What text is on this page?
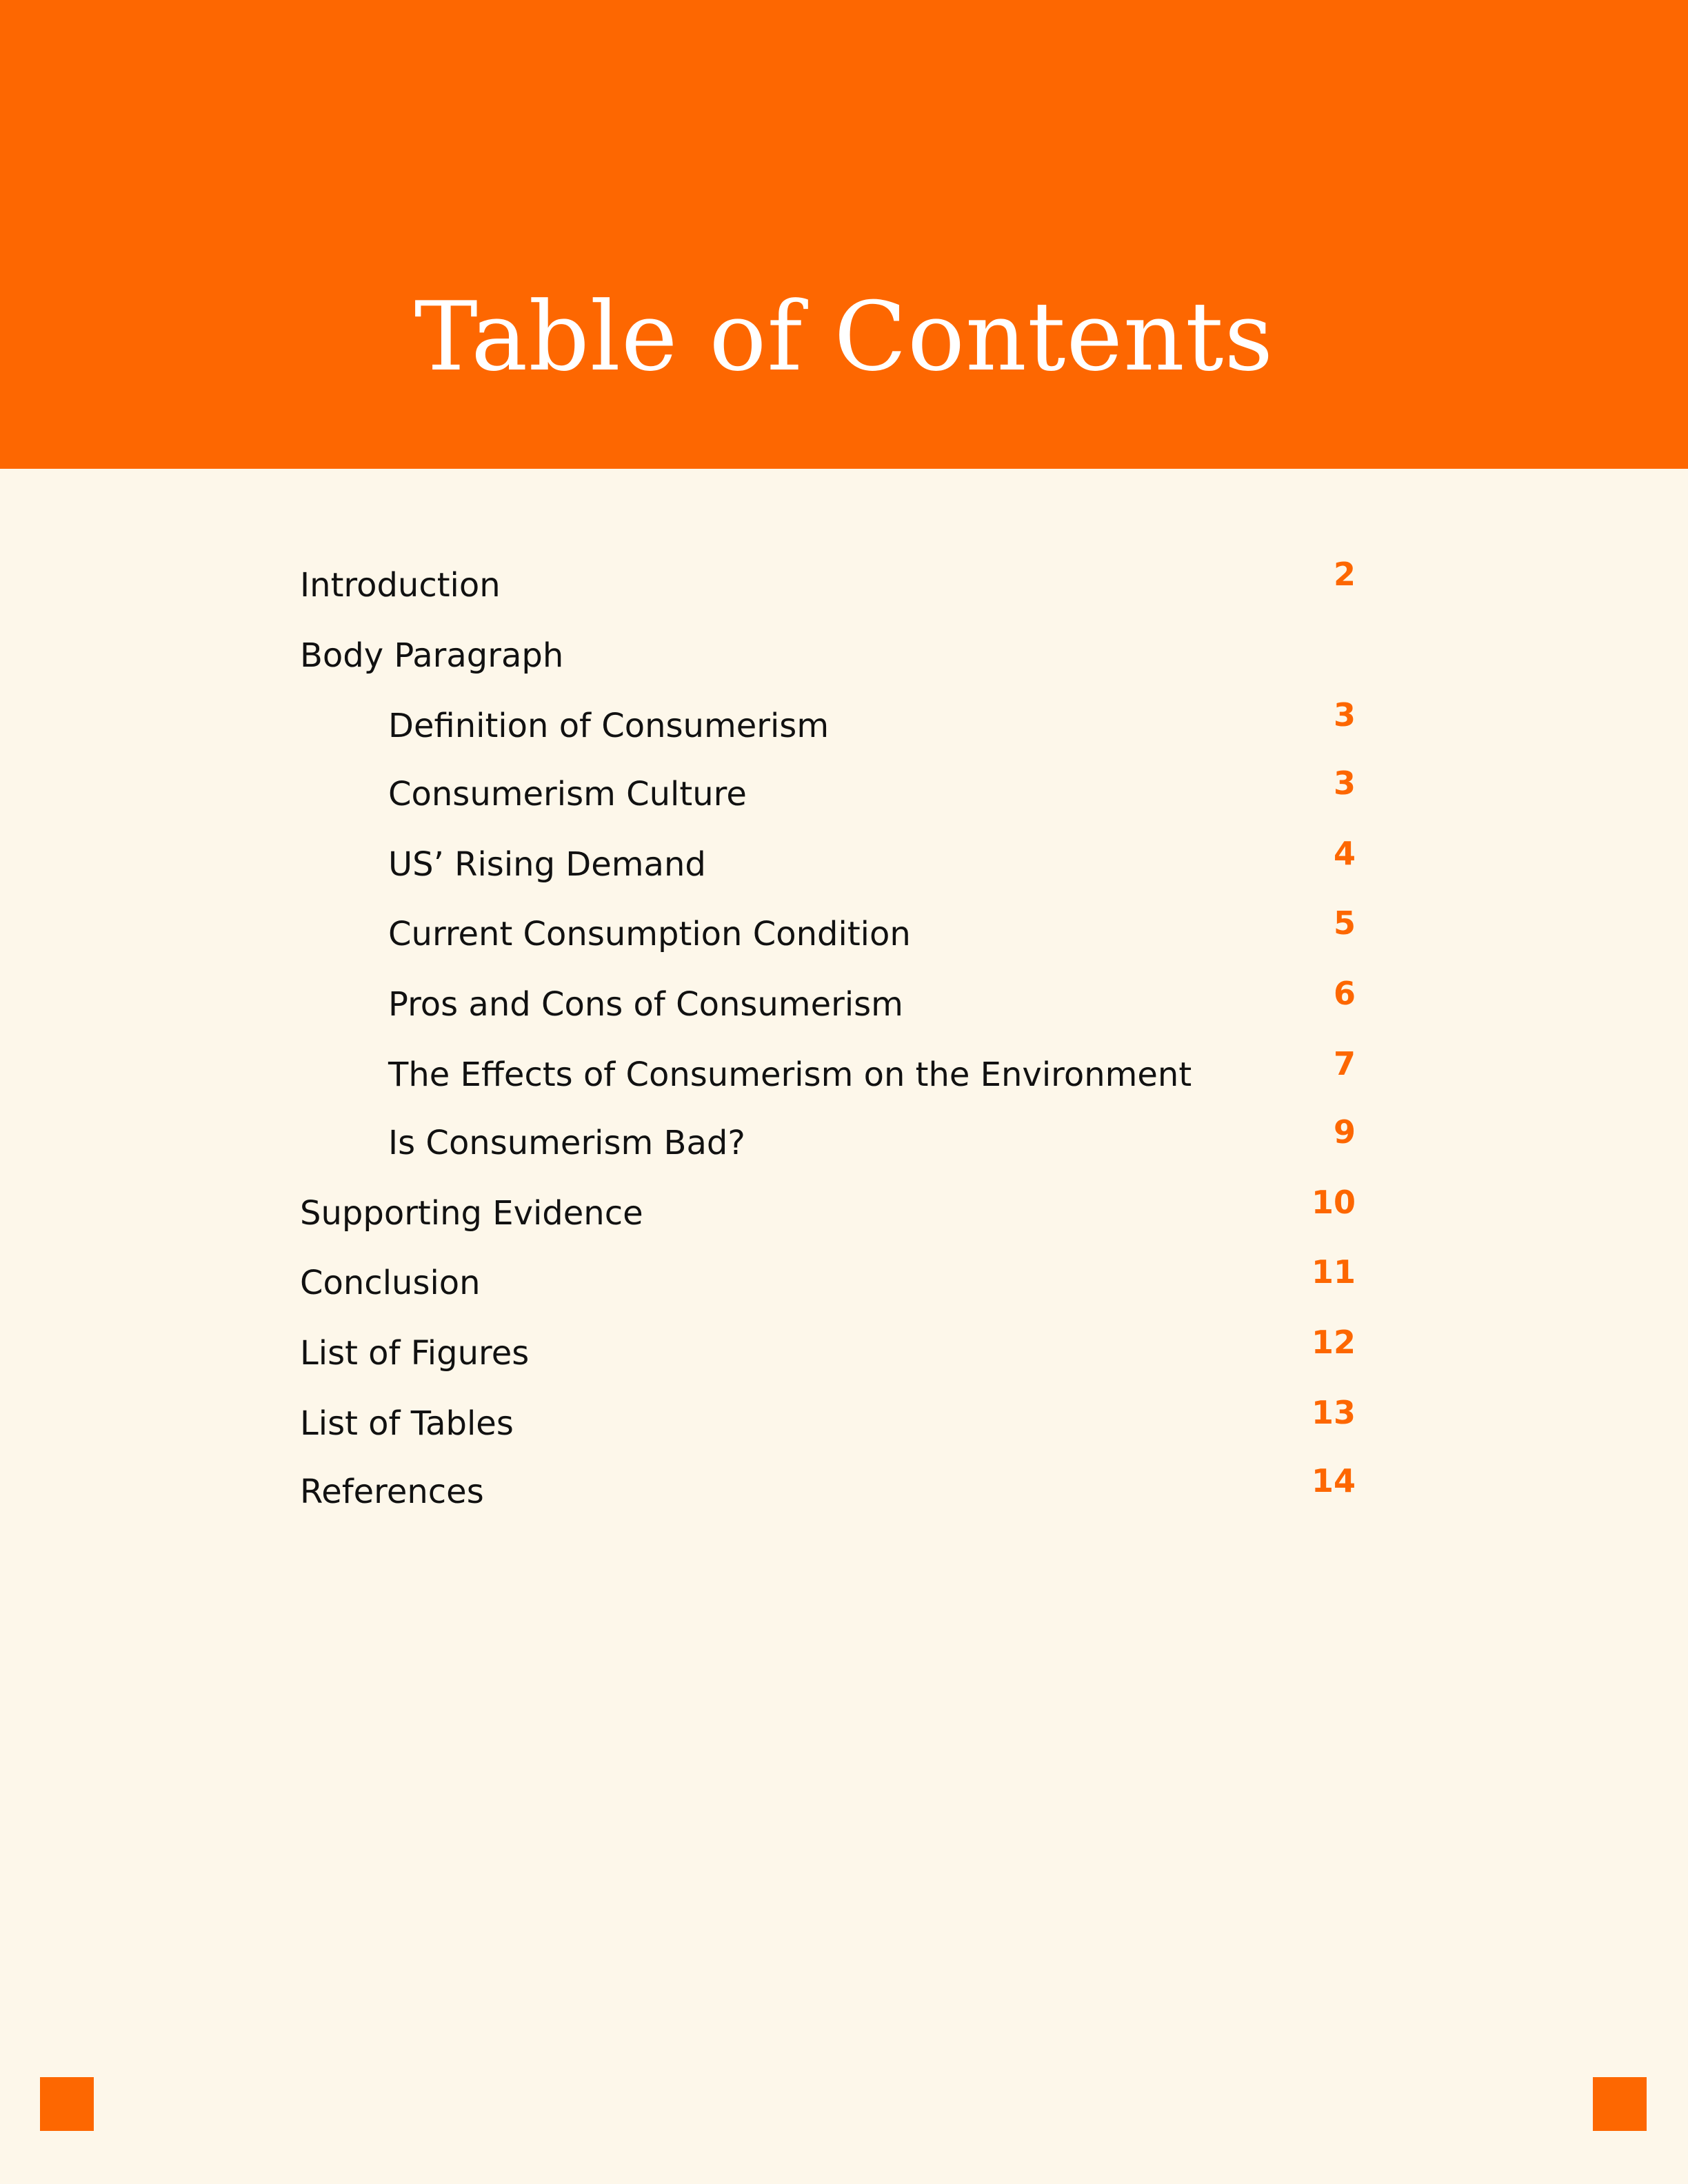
Table of Contents
Introduction	2
Body Paragraph
Definition of Consumerism	3
Consumerism Culture	3
US’ Rising Demand	4
Current Consumption Condition	5
Pros and Cons of Consumerism	6
The Effects of Consumerism on the Environment	7
Is Consumerism Bad?	9
Supporting Evidence	10
Conclusion	11
List of Figures	12
List of Tables	13
References	14
